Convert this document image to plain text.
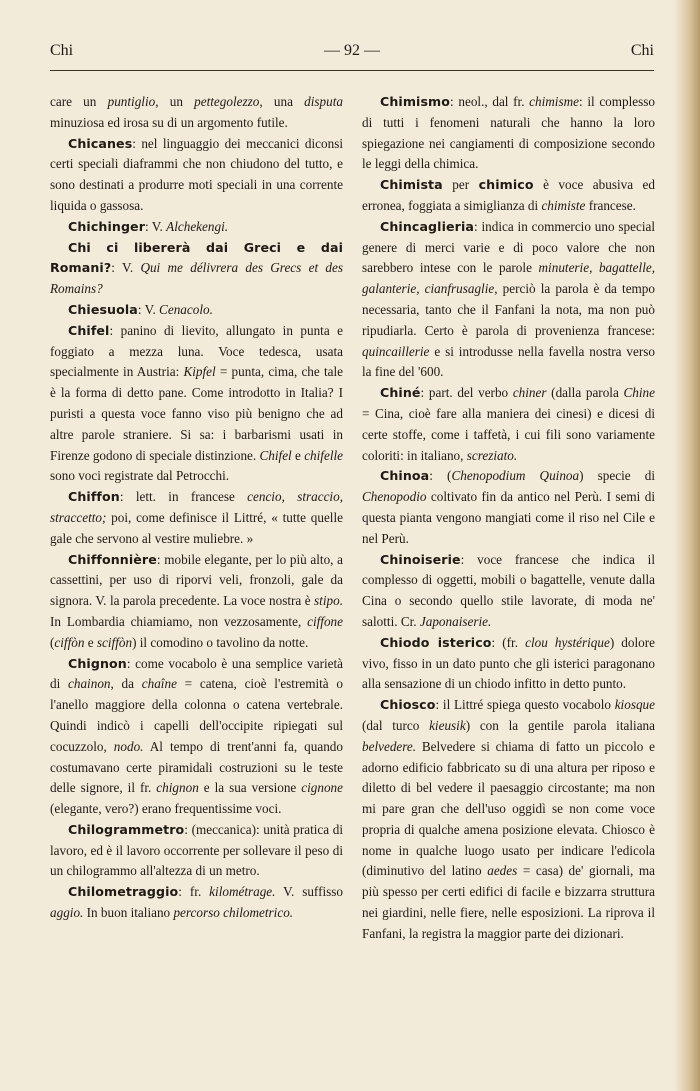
Chi	— 92 —	Chi

care un puntiglio, un pettegolezzo, una disputa minuziosa ed irosa su di un argomento futile.

Chicanes: nel linguaggio dei meccanici diconsi certi speciali diaframmi che non chiudono del tutto, e sono destinati a produrre moti speciali in una corrente liquida o gassosa.

Chichinger: V. Alchekengi.

Chi ci libererà dai Greci e dai Romani?: V. Qui me délivrera des Grecs et des Romains?

Chiesuola: V. Cenacolo.

Chifel: panino di lievito, allungato in punta e foggiato a mezza luna. Voce tedesca, usata specialmente in Austria: Kipfel = punta, cima, che tale è la forma di detto pane. Come introdotto in Italia? I puristi a questa voce fanno viso più benigno che ad altre parole straniere. Si sa: i barbarismi usati in Firenze godono di speciale distinzione. Chifel e chifelle sono voci registrate dal Petrocchi.

Chiffon: lett. in francese cencio, straccio, straccetto; poi, come definisce il Littré, « tutte quelle gale che servono al vestire muliebre. »

Chiffonnière: mobile elegante, per lo più alto, a cassettini, per uso di riporvi veli, fronzoli, gale da signora. V. la parola precedente. La voce nostra è stipo. In Lombardia chiamiamo, non vezzosamente, ciffone (ciffòn e sciffòn) il comodino o tavolino da notte.

Chignon: come vocabolo è una semplice varietà di chainon, da chaîne = catena, cioè l'estremità o l'anello maggiore della colonna o catena vertebrale. Quindi indicò i capelli dell'occipite ripiegati sul cocuzzolo, nodo. Al tempo di trent'anni fa, quando costumavano certe piramidali costruzioni su le teste delle signore, il fr. chignon e la sua versione cignone (elegante, vero?) erano frequentissime voci.

Chilogrammetro: (meccanica): unità pratica di lavoro, ed è il lavoro occorrente per sollevare il peso di un chilogrammo all'altezza di un metro.

Chilometraggio: fr. kilométrage. V. suffisso aggio. In buon italiano percorso chilometrico.

Chimismo: neol., dal fr. chimisme: il complesso di tutti i fenomeni naturali che hanno la loro spiegazione nei cangiamenti di composizione secondo le leggi della chimica.

Chimista per chimico è voce abusiva ed erronea, foggiata a simiglianza di chimiste francese.

Chincaglieria: indica in commercio uno special genere di merci varie e di poco valore che non sarebbero intese con le parole minuterie, bagattelle, galanterie, cianfrusaglie, perciò la parola è da tempo necessaria, tanto che il Fanfani la nota, ma non può ripudiarla. Certo è parola di provenienza francese: quincaillerie e si introdusse nella favella nostra verso la fine del '600.

Chiné: part. del verbo chiner (dalla parola Chine = Cina, cioè fare alla maniera dei cinesi) e dicesi di certe stoffe, come i taffetà, i cui fili sono variamente coloriti: in italiano, screziato.

Chinoa: (Chenopodium Quinoa) specie di Chenopodio coltivato fin da antico nel Perù. I semi di questa pianta vengono mangiati come il riso nel Cile e nel Perù.

Chinoiserie: voce francese che indica il complesso di oggetti, mobili o bagattelle, venute dalla Cina o secondo quello stile lavorate, di moda ne' salotti. Cr. Japonaiserie.

Chiodo isterico: (fr. clou hystérique) dolore vivo, fisso in un dato punto che gli isterici paragonano alla sensazione di un chiodo infitto in detto punto.

Chiosco: il Littré spiega questo vocabolo kiosque (dal turco kieusik) con la gentile parola italiana belvedere. Belvedere si chiama di fatto un piccolo e adorno edificio fabbricato su di una altura per riposo e diletto di bel vedere il paesaggio circostante; ma non mi pare gran che dell'uso oggidì se non come voce propria di qualche amena posizione elevata. Chiosco è nome in qualche luogo usato per indicare l'edicola (diminutivo del latino aedes = casa) de' giornali, ma più spesso per certi edifici di facile e bizzarra struttura nei giardini, nelle fiere, nelle esposizioni. La riprova il Fanfani, la registra la maggior parte dei dizionari.
